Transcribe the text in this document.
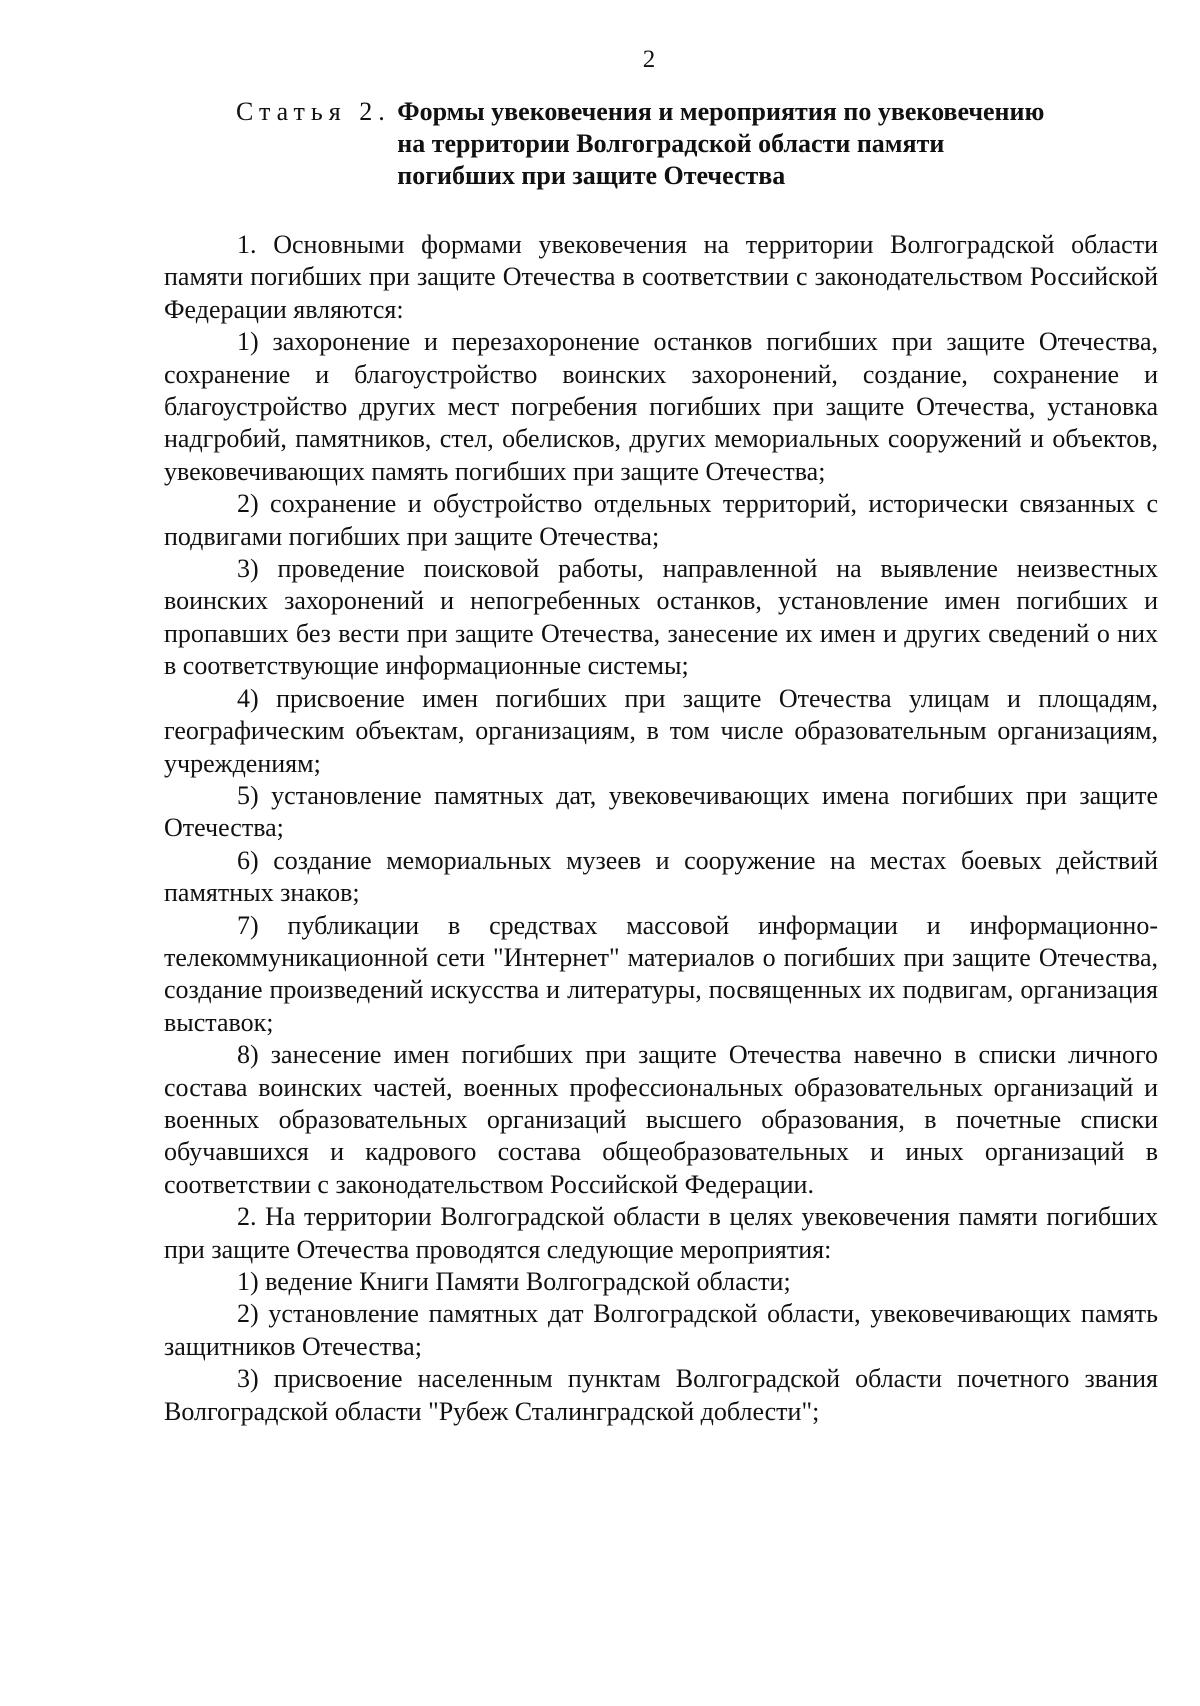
2
Статья 2. Формы увековечения и мероприятия по увековечению
на территории Волгоградской области памяти
погибших при защите Отечества

1. Основными формами увековечения на территории Волгоградской области памяти погибших при защите Отечества в соответствии с законодательством Российской Федерации являются:

1) захоронение и перезахоронение останков погибших при защите Отечества, сохранение и благоустройство воинских захоронений, создание, сохранение и благоустройство других мест погребения погибших при защите Отечества, установка надгробий, памятников, стел, обелисков, других мемориальных сооружений и объектов, увековечивающих память погибших при защите Отечества;

2) сохранение и обустройство отдельных территорий, исторически связанных с подвигами погибших при защите Отечества;

3) проведение поисковой работы, направленной на выявление неизвестных воинских захоронений и непогребенных останков, установление имен погибших и пропавших без вести при защите Отечества, занесение их имен и других сведений о них в соответствующие информационные системы;

4) присвоение имен погибших при защите Отечества улицам и площадям, географическим объектам, организациям, в том числе образовательным организациям, учреждениям;

5) установление памятных дат, увековечивающих имена погибших при защите Отечества;

6) создание мемориальных музеев и сооружение на местах боевых действий памятных знаков;

7) публикации в средствах массовой информации и информационно-телекоммуникационной сети "Интернет" материалов о погибших при защите Отечества, создание произведений искусства и литературы, посвященных их подвигам, организация выставок;

8) занесение имен погибших при защите Отечества навечно в списки личного состава воинских частей, военных профессиональных образовательных организаций и военных образовательных организаций высшего образования, в почетные списки обучавшихся и кадрового состава общеобразовательных и иных организаций в соответствии с законодательством Российской Федерации.

2. На территории Волгоградской области в целях увековечения памяти погибших при защите Отечества проводятся следующие мероприятия:

1) ведение Книги Памяти Волгоградской области;

2) установление памятных дат Волгоградской области, увековечивающих память защитников Отечества;

3) присвоение населенным пунктам Волгоградской области почетного звания Волгоградской области "Рубеж Сталинградской доблести";
